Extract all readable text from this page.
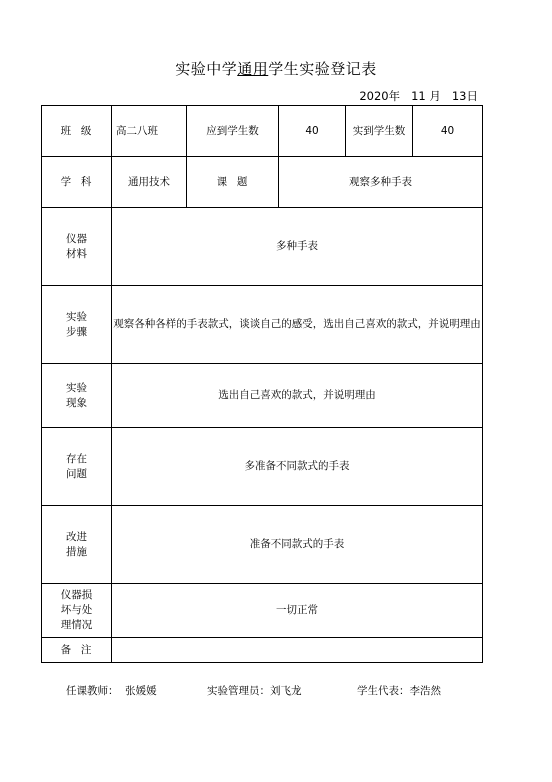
实验中学通用学生实验登记表
2020年 11 月 13日
班  级	高二八班	应到学生数	40	实到学生数	40
学  科	通用技术	课  题	观察多种手表		
仪器
材料	多种手表				
实验
步骤	观察各种各样的手表款式，谈谈自己的感受，选出自己喜欢的款式，并说明理由				
实验
现象	选出自己喜欢的款式，并说明理由				
存在
问题	多准备不同款式的手表				
改进
措施	准备不同款式的手表				
仪器损
坏与处
理情况	一切正常				
备  注					
任课教师：  张媛媛	实验管理员：刘飞龙	学生代表：李浩然
